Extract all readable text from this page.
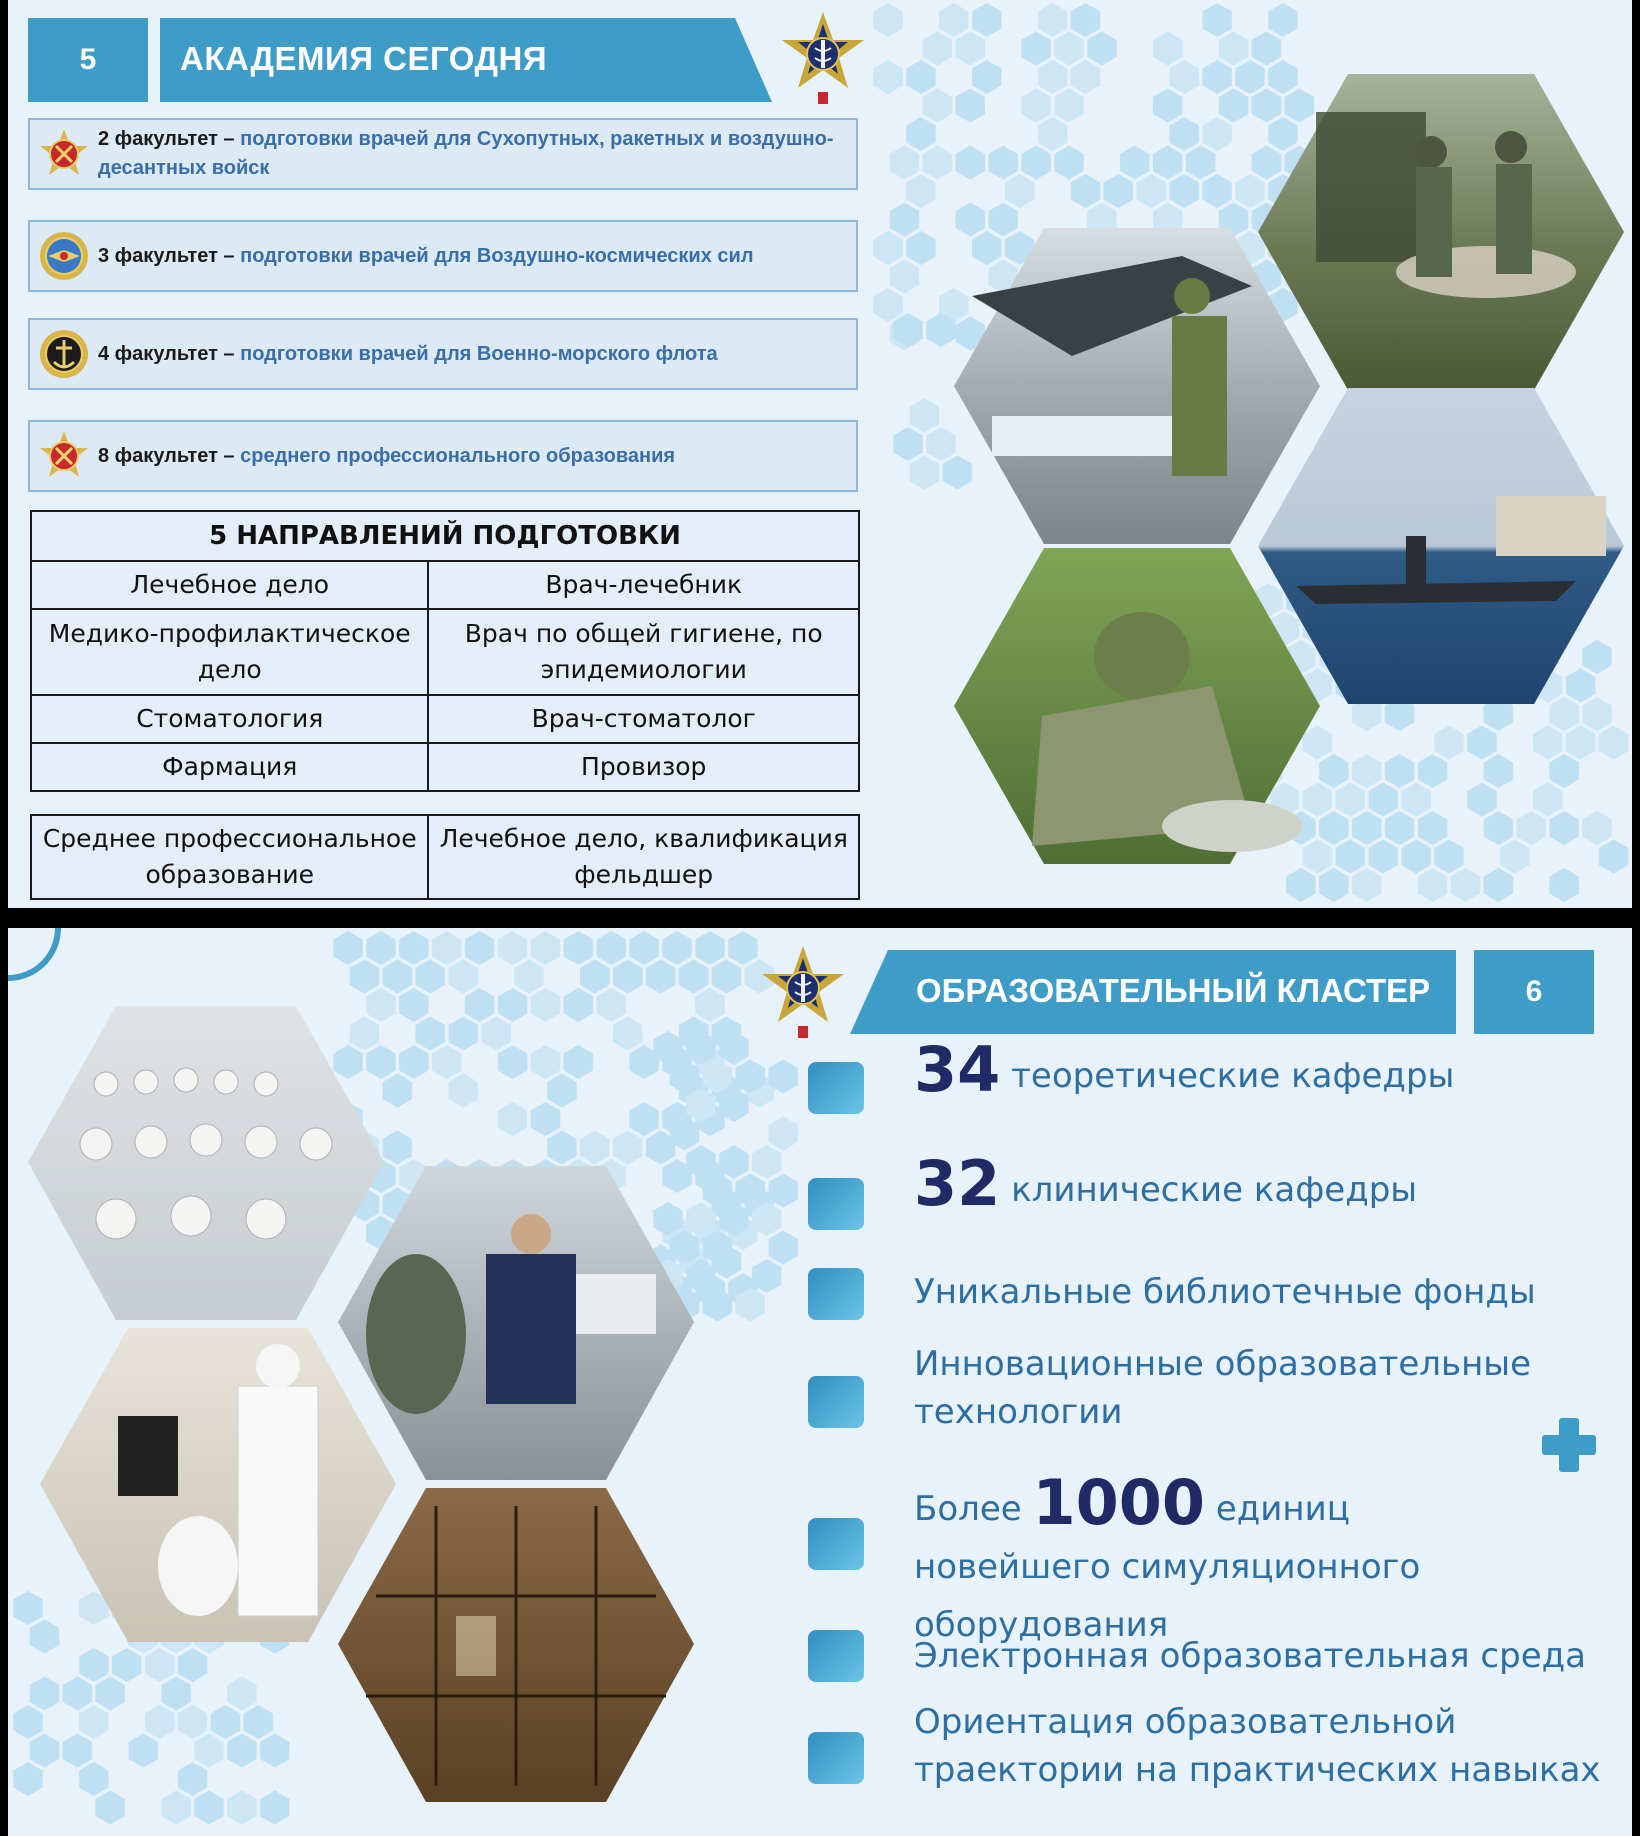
5	АКАДЕМИЯ СЕГОДНЯ
2 факультет – подготовки врачей для Сухопутных, ракетных и воздушно-десантных войск
3 факультет – подготовки врачей для Воздушно-космических сил
4 факультет – подготовки врачей для Военно-морского флота
8 факультет – среднего профессионального образования
5 НАПРАВЛЕНИЙ ПОДГОТОВКИ	
Лечебное дело	Врач-лечебник
Медико-профилактическое дело	Врач по общей гигиене, по эпидемиологии
Стоматология	Врач-стоматолог
Фармация	Провизор
Среднее профессиональное образование	Лечебное дело, квалификация фельдшер
ОБРАЗОВАТЕЛЬНЫЙ КЛАСТЕР	6
34 теоретические кафедры
32 клинические кафедры
Уникальные библиотечные фонды
Инновационные образовательные технологии
Более 1000 единиц новейшего симуляционного оборудования
Электронная образовательная среда
Ориентация образовательной траектории на практических навыках
